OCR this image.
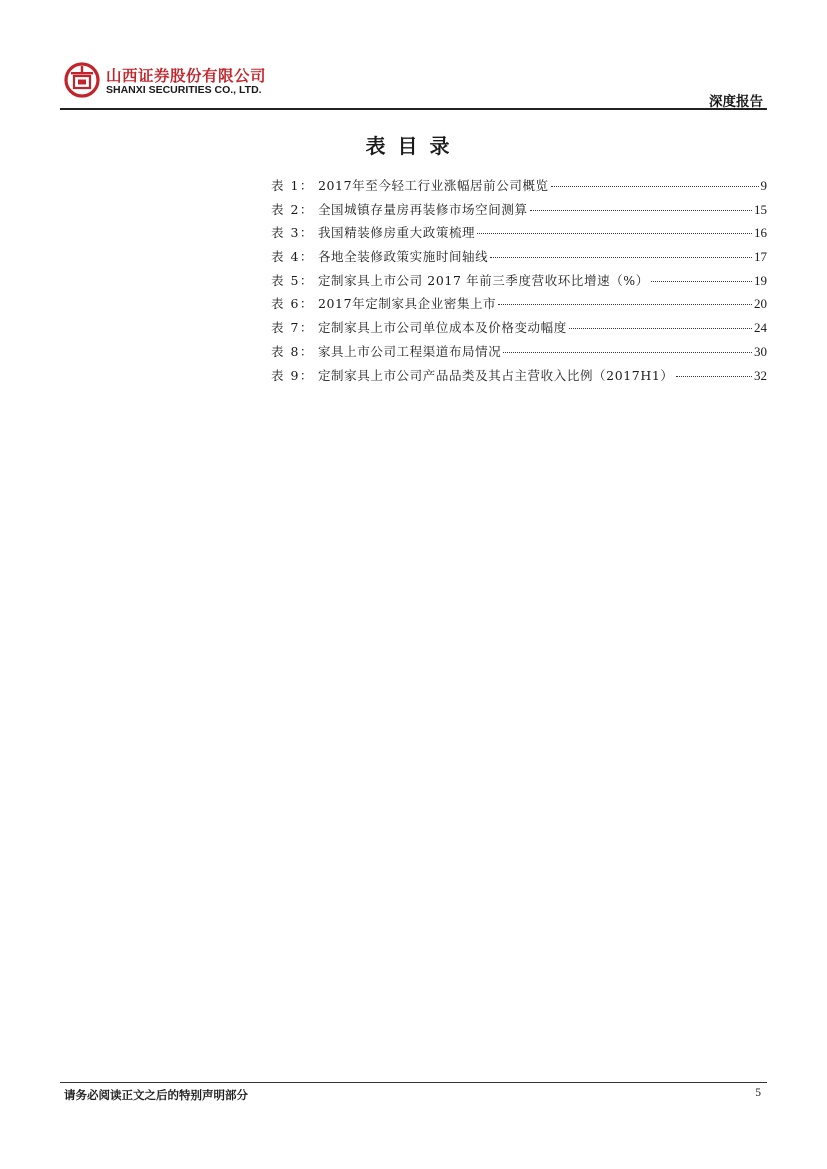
山西证券股份有限公司
SHANXI SECURITIES CO., LTD.
深度报告
表目录
表 1： 2017年至今轻工行业涨幅居前公司概览	9
表 2： 全国城镇存量房再装修市场空间测算	15
表 3： 我国精装修房重大政策梳理	16
表 4： 各地全装修政策实施时间轴线	17
表 5： 定制家具上市公司 2017 年前三季度营收环比增速（%）	19
表 6： 2017年定制家具企业密集上市	20
表 7： 定制家具上市公司单位成本及价格变动幅度	24
表 8： 家具上市公司工程渠道布局情况	30
表 9： 定制家具上市公司产品品类及其占主营收入比例（2017H1）	32
请务必阅读正文之后的特别声明部分	5
